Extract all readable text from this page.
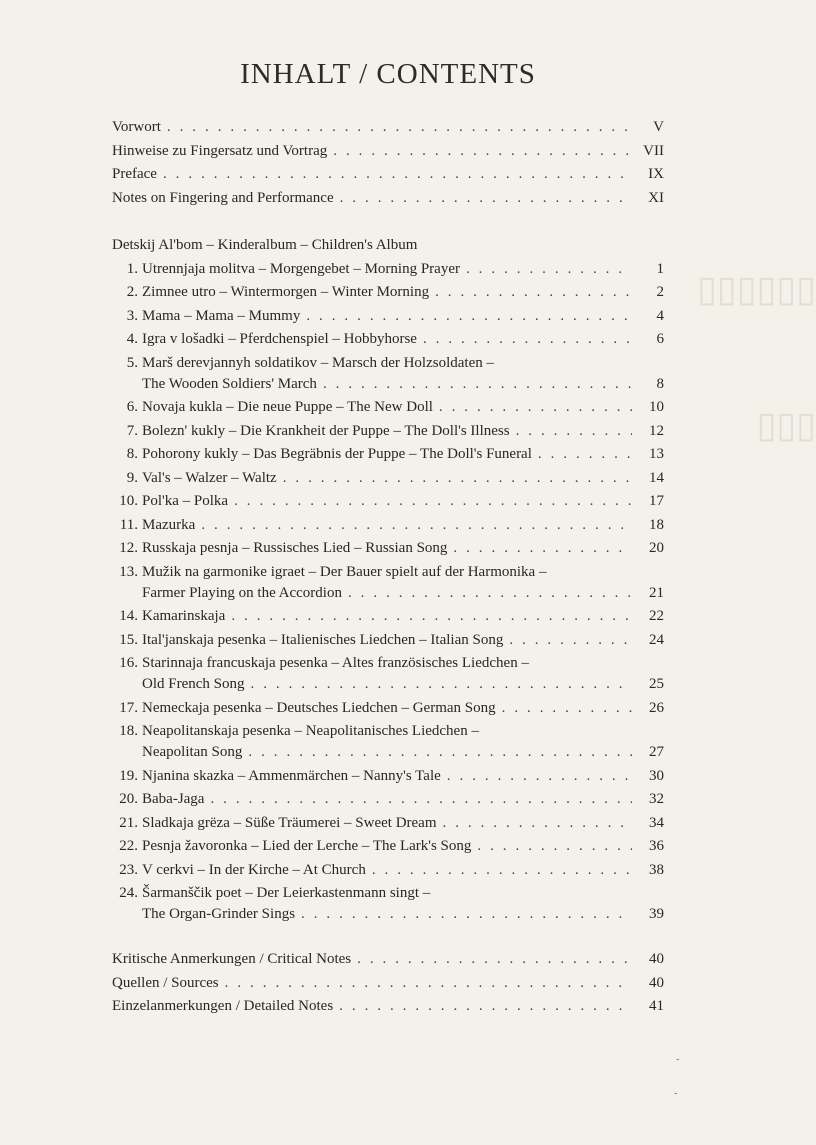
▯▯▯▯▯▯
▯▯▯
INHALT / CONTENTS
Vorwort . . .	V
Hinweise zu Fingersatz und Vortrag . . .	VII
Preface . . .	IX
Notes on Fingering and Performance . . .	XI
Detskij Al'bom – Kinderalbum – Children's Album
1. Utrennjaja molitva – Morgengebet – Morning Prayer . . .	1
2. Zimnee utro – Wintermorgen – Winter Morning . . .	2
3. Mama – Mama – Mummy . . .	4
4. Igra v lošadki – Pferdchenspiel – Hobbyhorse . . .	6
5. Marš derevjannyh soldatikov – Marsch der Holzsoldaten –
The Wooden Soldiers' March . . .	8
6. Novaja kukla – Die neue Puppe – The New Doll . . .	10
7. Bolezn' kukly – Die Krankheit der Puppe – The Doll's Illness . . .	12
8. Pohorony kukly – Das Begräbnis der Puppe – The Doll's Funeral . . .	13
9. Val's – Walzer – Waltz . . .	14
10. Pol'ka – Polka . . .	17
11. Mazurka . . .	18
12. Russkaja pesnja – Russisches Lied – Russian Song . . .	20
13. Mužik na garmonike igraet – Der Bauer spielt auf der Harmonika –
Farmer Playing on the Accordion . . .	21
14. Kamarinskaja . . .	22
15. Ital'janskaja pesenka – Italienisches Liedchen – Italian Song . . .	24
16. Starinnaja francuskaja pesenka – Altes französisches Liedchen –
Old French Song . . .	25
17. Nemeckaja pesenka – Deutsches Liedchen – German Song . . .	26
18. Neapolitanskaja pesenka – Neapolitanisches Liedchen –
Neapolitan Song . . .	27
19. Njanina skazka – Ammenmärchen – Nanny's Tale . . .	30
20. Baba-Jaga . . .	32
21. Sladkaja grëza – Süße Träumerei – Sweet Dream . . .	34
22. Pesnja žavoronka – Lied der Lerche – The Lark's Song . . .	36
23. V cerkvi – In der Kirche – At Church . . .	38
24. Šarmanščik poet – Der Leierkastenmann singt –
The Organ-Grinder Sings . . .	39
Kritische Anmerkungen / Critical Notes . . .	40
Quellen / Sources . . .	40
Einzelanmerkungen / Detailed Notes . . .	41
˷
˷
